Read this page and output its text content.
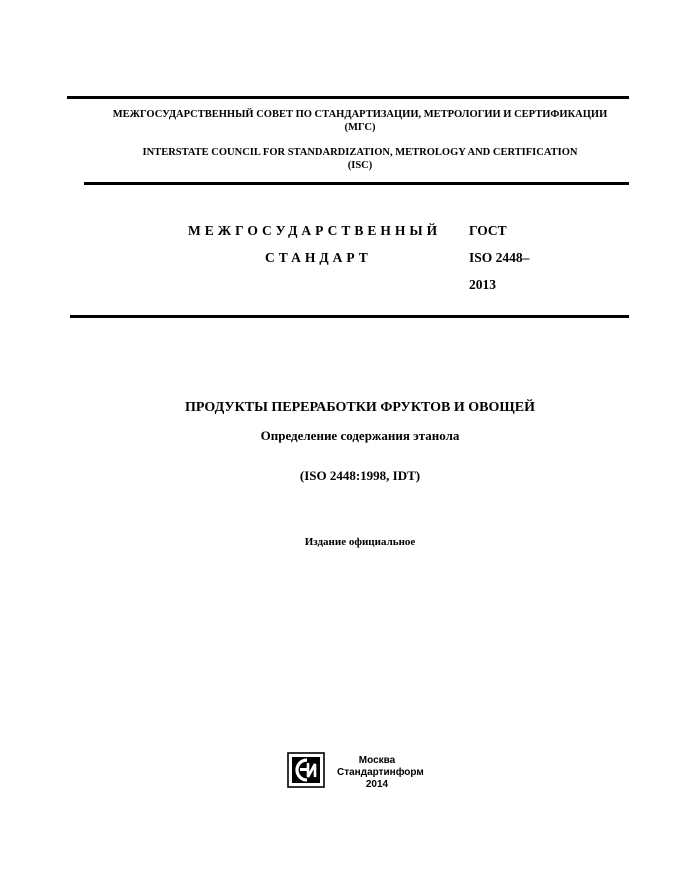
МЕЖГОСУДАРСТВЕННЫЙ СОВЕТ ПО СТАНДАРТИЗАЦИИ, МЕТРОЛОГИИ И СЕРТИФИКАЦИИ
(МГС)
INTERSTATE COUNCIL FOR STANDARDIZATION, METROLOGY AND CERTIFICATION
(ISC)
МЕЖГОСУДАРСТВЕННЫЙ
СТАНДАРТ
ГОСТ
ISO 2448–
2013
ПРОДУКТЫ ПЕРЕРАБОТКИ ФРУКТОВ И ОВОЩЕЙ
Определение содержания этанола
(ISO 2448:1998, IDT)
Издание официальное
Москва
Стандартинформ
2014
